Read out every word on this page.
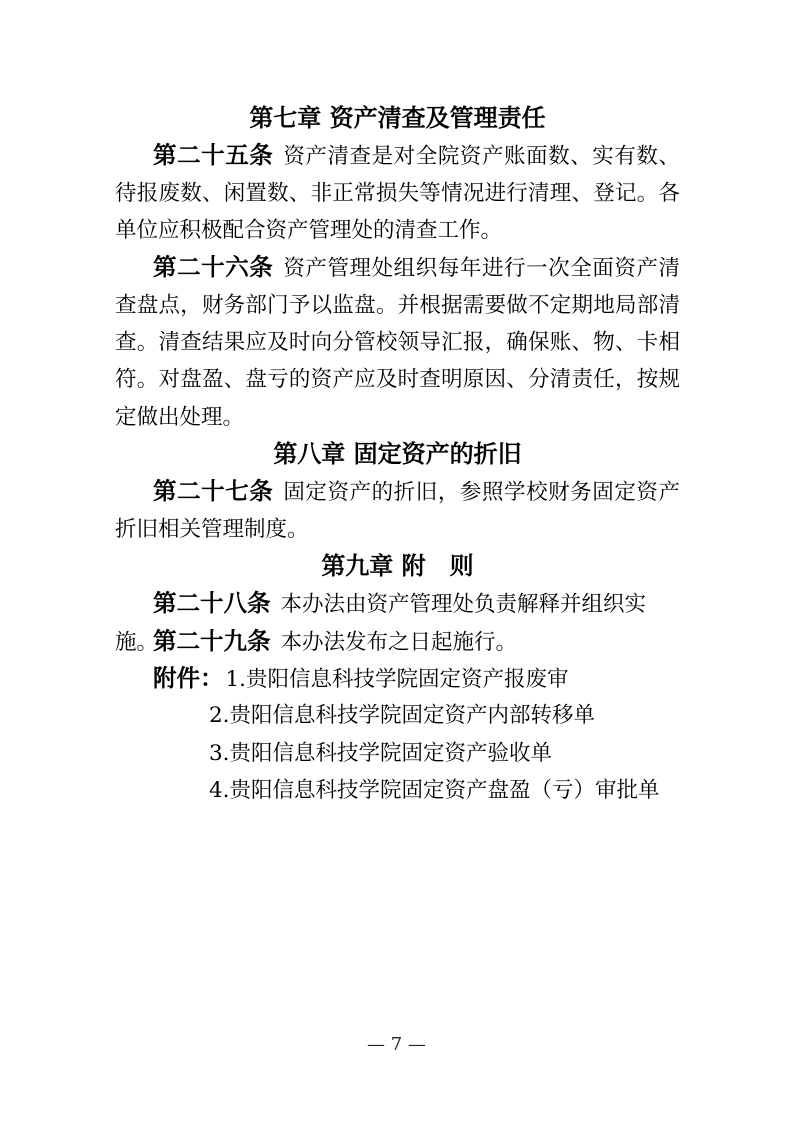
第七章 资产清查及管理责任
第二十五条 资产清查是对全院资产账面数、实有数、
待报废数、闲置数、非正常损失等情况进行清理、登记。各
单位应积极配合资产管理处的清查工作。
第二十六条 资产管理处组织每年进行一次全面资产清
查盘点，财务部门予以监盘。并根据需要做不定期地局部清
查。清查结果应及时向分管校领导汇报，确保账、物、卡相
符。对盘盈、盘亏的资产应及时查明原因、分清责任，按规
定做出处理。
第八章 固定资产的折旧
第二十七条 固定资产的折旧，参照学校财务固定资产
折旧相关管理制度。
第九章 附　则
第二十八条 本办法由资产管理处负责解释并组织实施。
第二十九条 本办法发布之日起施行。
附件：1.贵阳信息科技学院固定资产报废审
2.贵阳信息科技学院固定资产内部转移单
3.贵阳信息科技学院固定资产验收单
4.贵阳信息科技学院固定资产盘盈（亏）审批单
— 7 —
